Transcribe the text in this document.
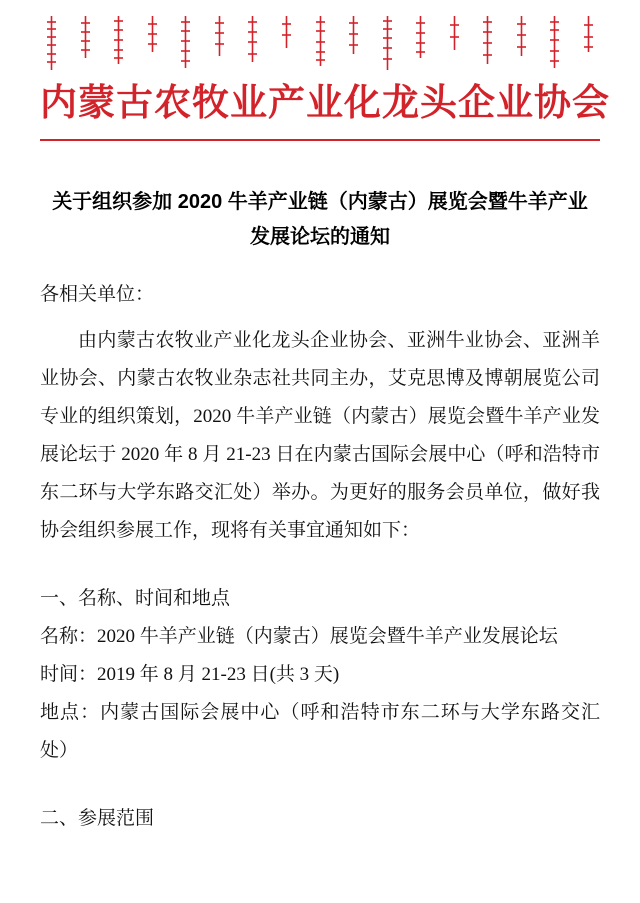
内蒙古农牧业产业化龙头企业协会
关于组织参加 2020 牛羊产业链（内蒙古）展览会暨牛羊产业发展论坛的通知
各相关单位：
由内蒙古农牧业产业化龙头企业协会、亚洲牛业协会、亚洲羊业协会、内蒙古农牧业杂志社共同主办，艾克思博及博朝展览公司专业的组织策划，2020 牛羊产业链（内蒙古）展览会暨牛羊产业发展论坛于 2020 年 8 月 21-23 日在内蒙古国际会展中心（呼和浩特市东二环与大学东路交汇处）举办。为更好的服务会员单位，做好我协会组织参展工作，现将有关事宜通知如下：
一、名称、时间和地点
名称：2020 牛羊产业链（内蒙古）展览会暨牛羊产业发展论坛
时间：2019 年 8 月 21-23 日(共 3 天)
地点：内蒙古国际会展中心（呼和浩特市东二环与大学东路交汇处）
二、参展范围
